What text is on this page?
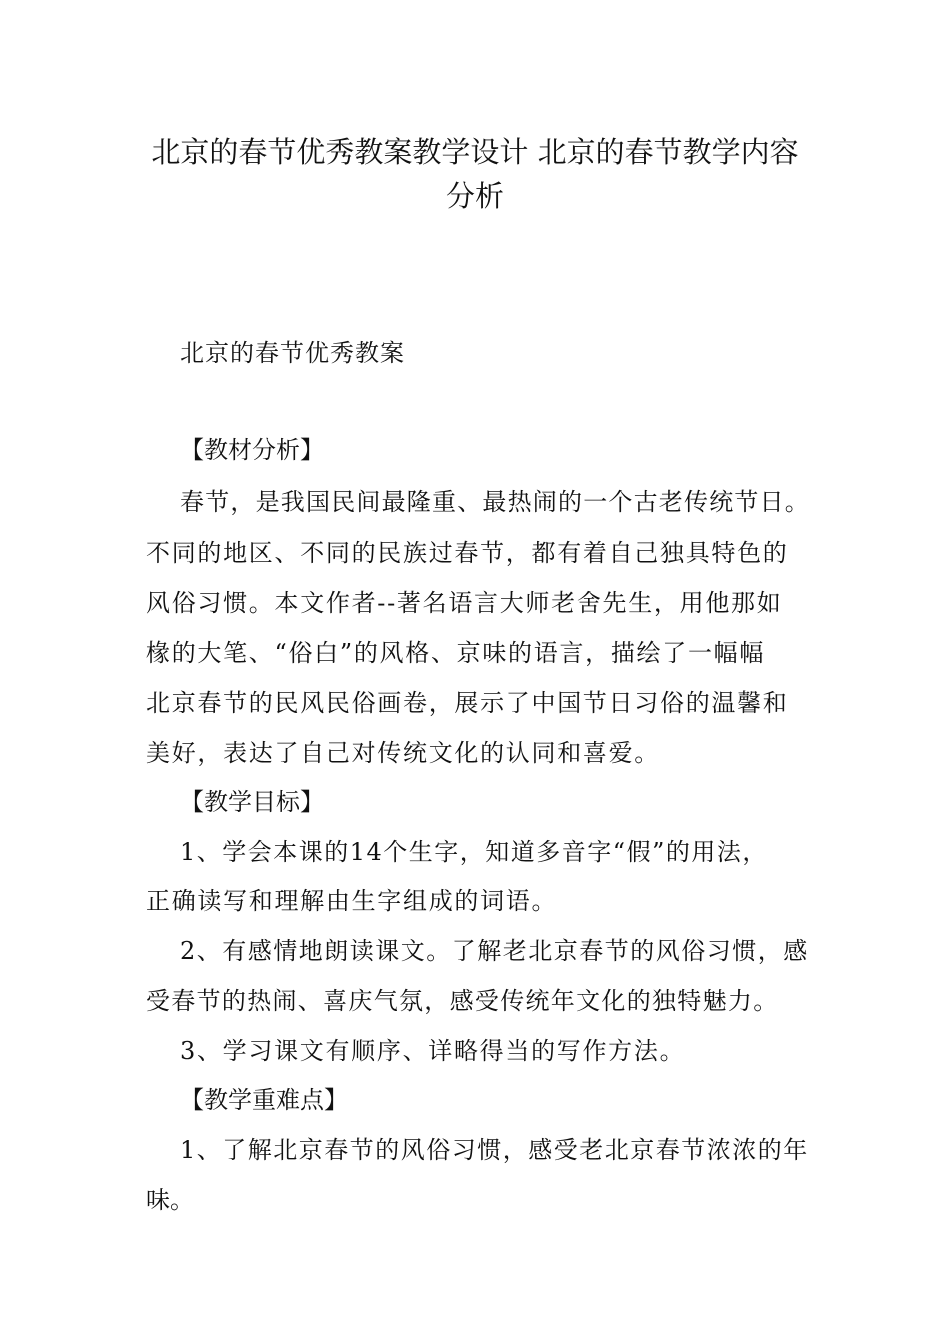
北京的春节优秀教案教学设计 北京的春节教学内容
分析

北京的春节优秀教案

【教材分析】

春节，是我国民间最隆重、最热闹的一个古老传统节日。

不同的地区、不同的民族过春节，都有着自己独具特色的

风俗习惯。本文作者--著名语言大师老舍先生，用他那如

椽的大笔、“俗白”的风格、京味的语言，描绘了一幅幅

北京春节的民风民俗画卷，展示了中国节日习俗的温馨和

美好，表达了自己对传统文化的认同和喜爱。

【教学目标】

1、学会本课的14个生字，知道多音字“假”的用法，

正确读写和理解由生字组成的词语。

2、有感情地朗读课文。了解老北京春节的风俗习惯，感

受春节的热闹、喜庆气氛，感受传统年文化的独特魅力。

3、学习课文有顺序、详略得当的写作方法。

【教学重难点】

1、了解北京春节的风俗习惯，感受老北京春节浓浓的年

味。
